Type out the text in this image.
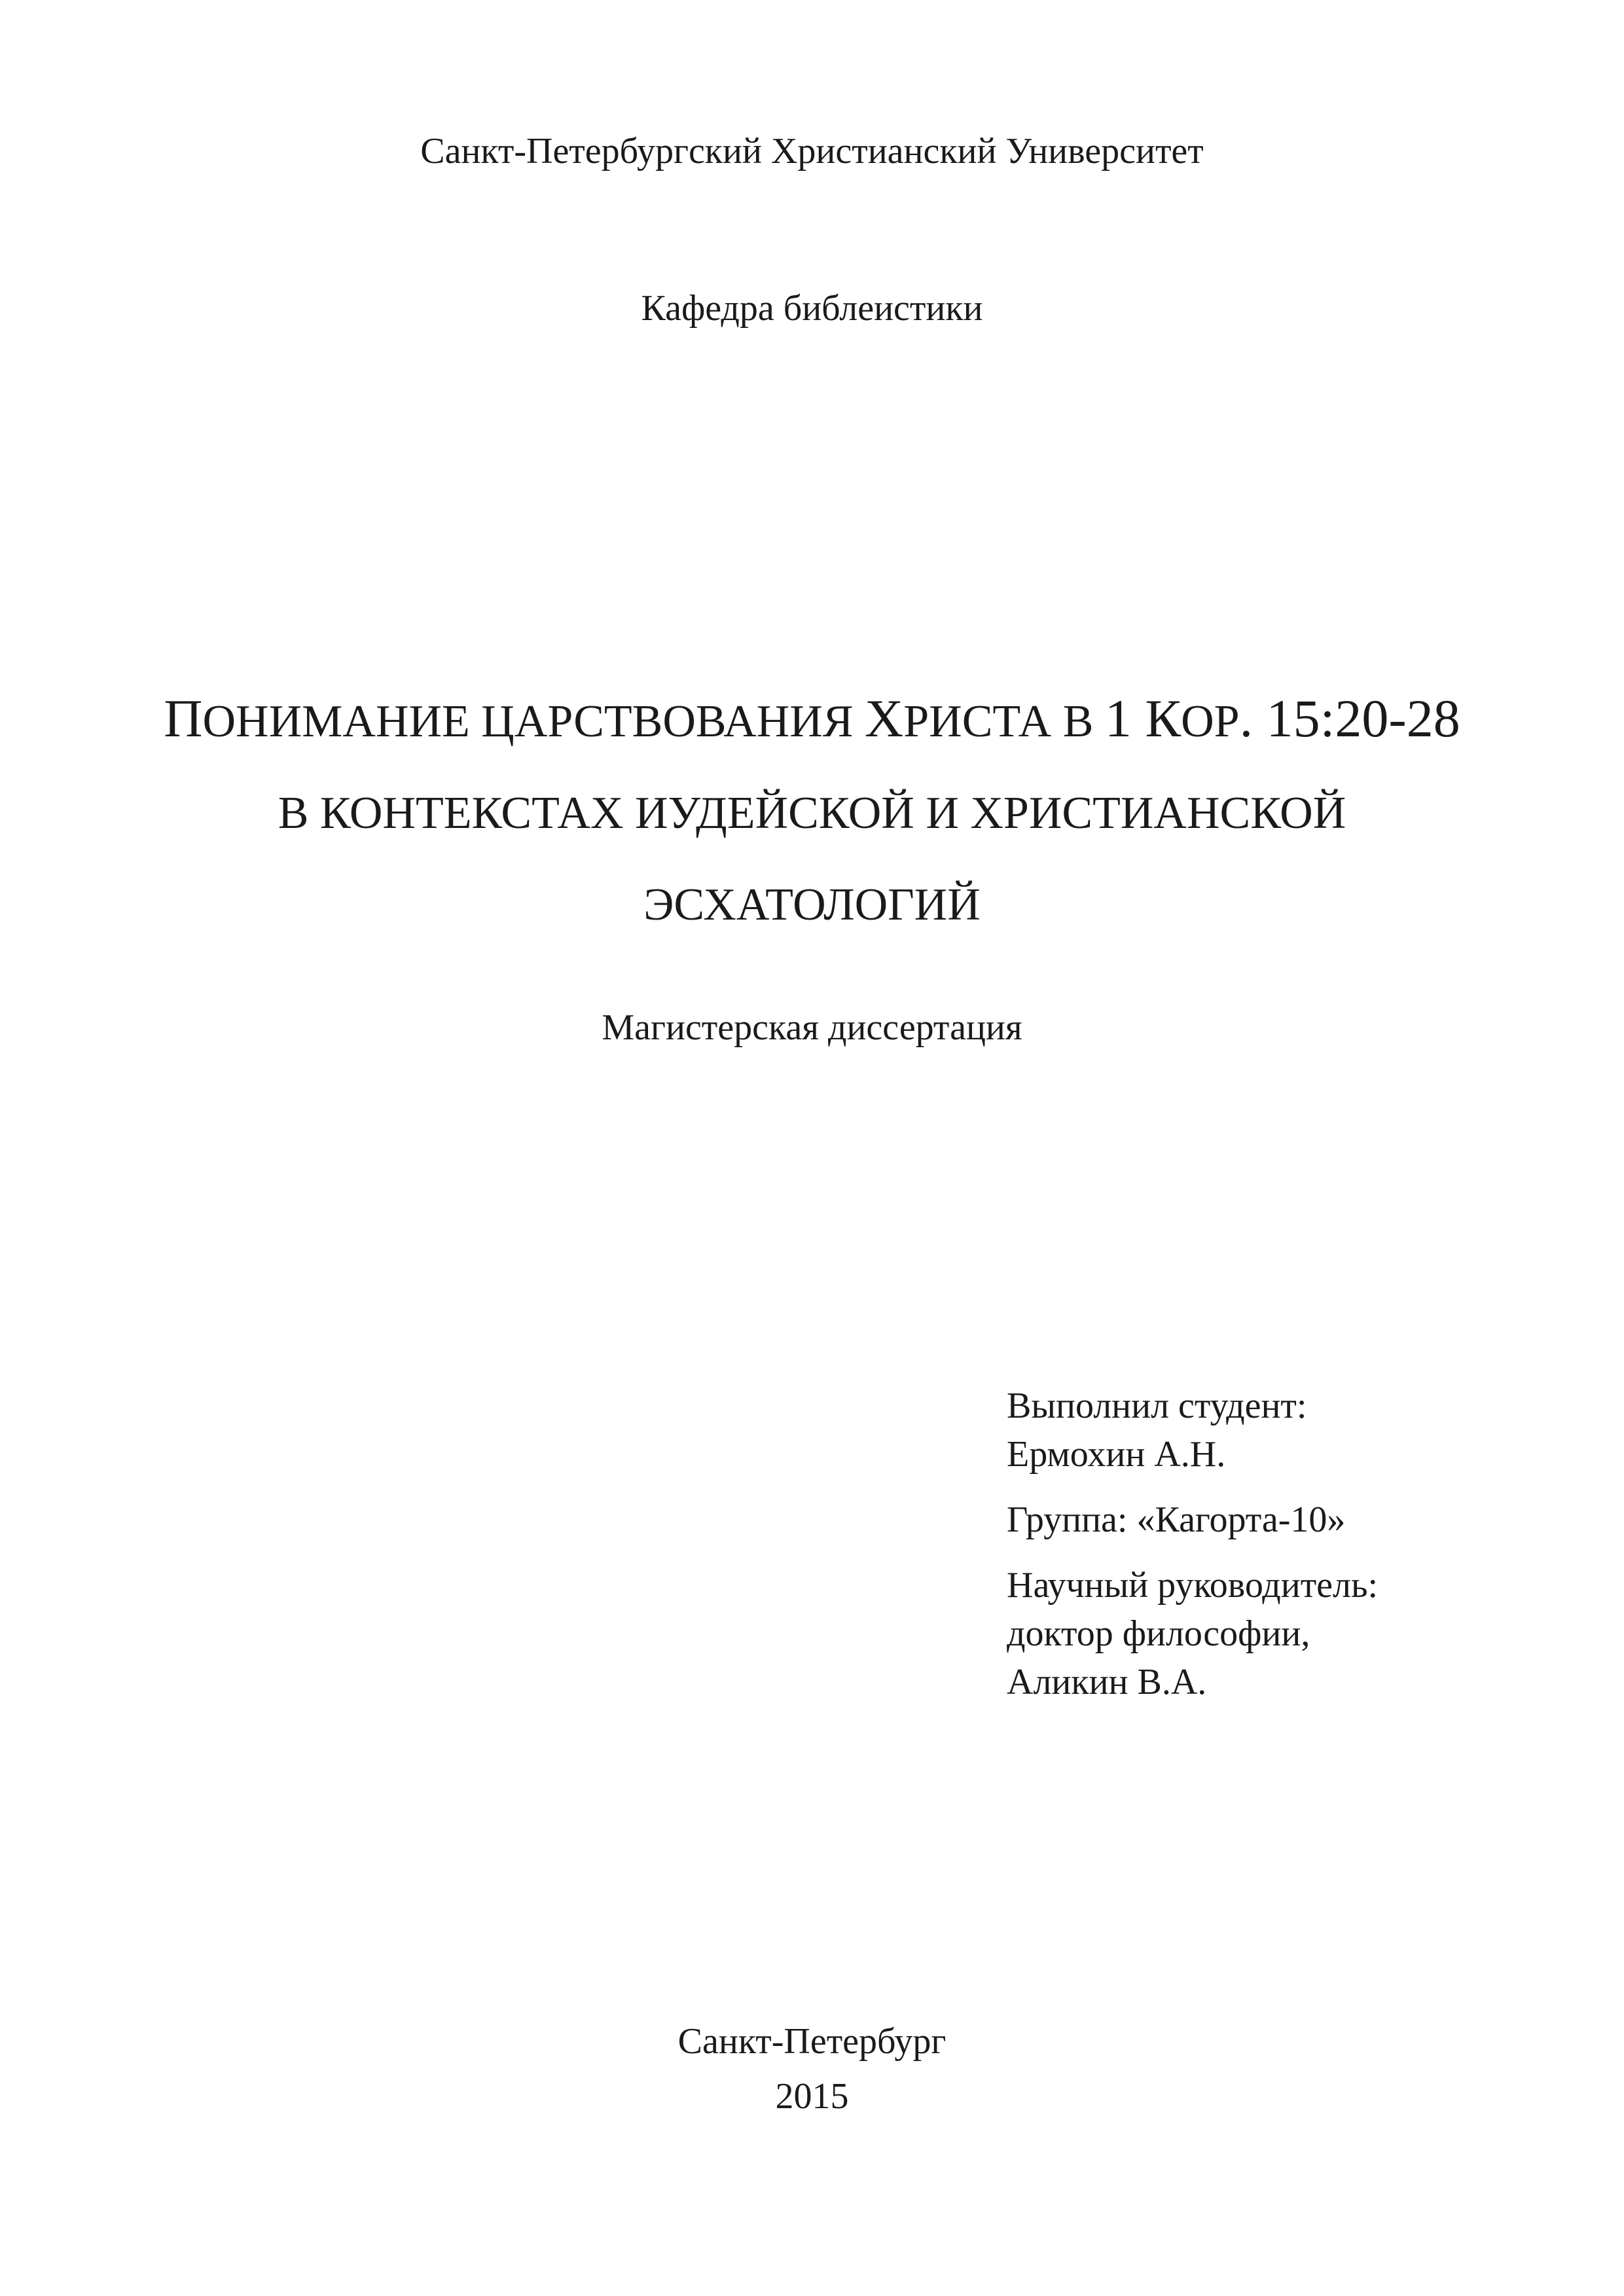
Санкт-Петербургский Христианский Университет
Кафедра библеистики
ПОНИМАНИЕ ЦАРСТВОВАНИЯ ХРИСТА В 1 КОР. 15:20-28
В КОНТЕКСТАХ ИУДЕЙСКОЙ И ХРИСТИАНСКОЙ
ЭСХАТОЛОГИЙ
Магистерская диссертация
Выполнил студент:
Ермохин А.Н.
Группа: «Кагорта-10»
Научный руководитель:
доктор философии,
Аликин В.А.
Санкт-Петербург
2015
